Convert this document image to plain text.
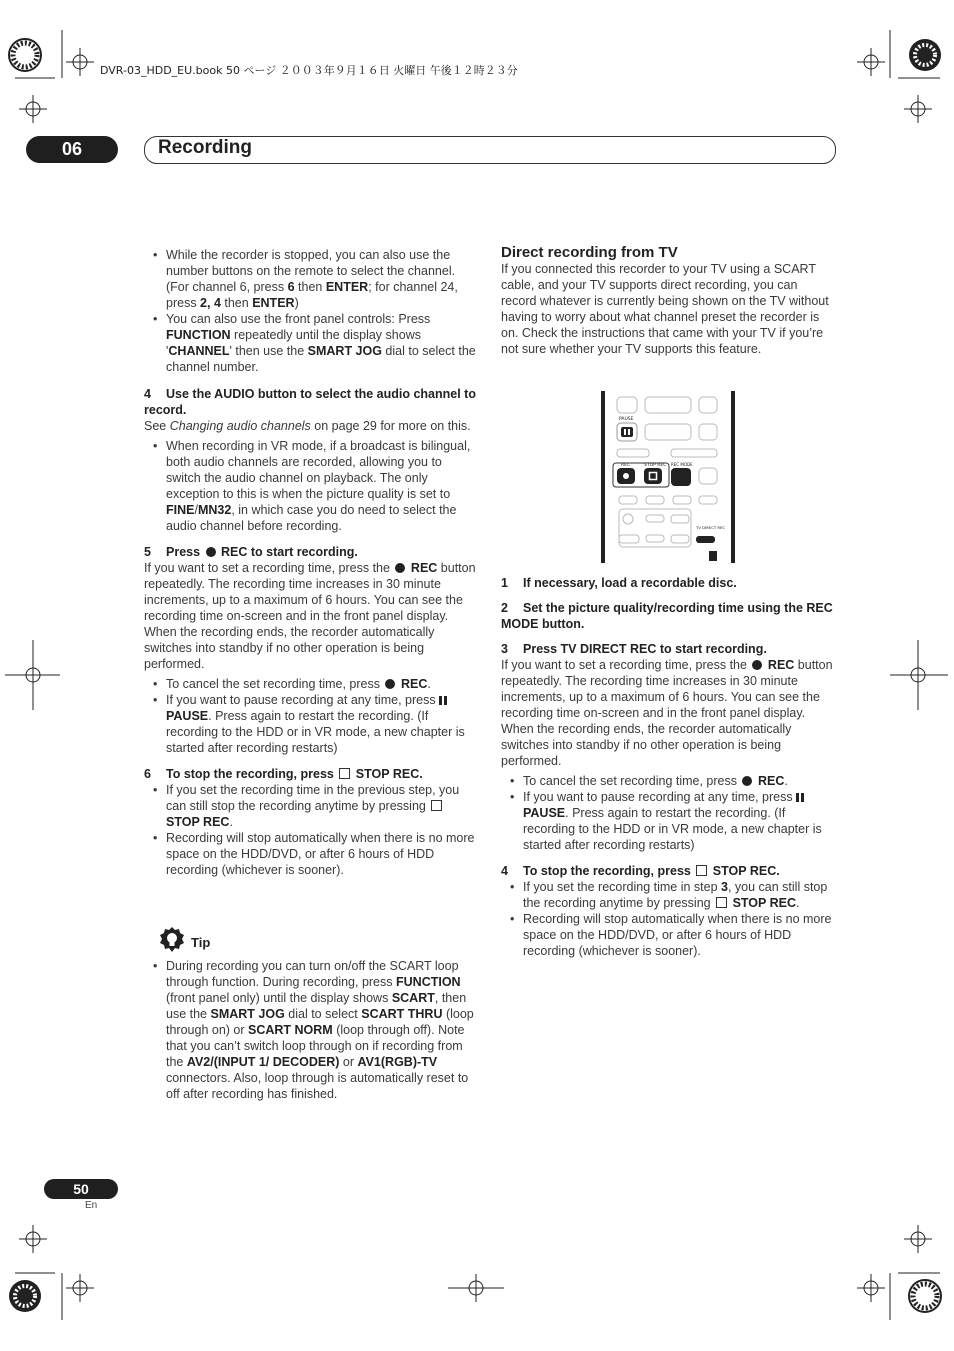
DVR-03_HDD_EU.book 50 ページ ２００３年９月１６日 火曜日 午後１２時２３分
06	Recording

• While the recorder is stopped, you can also use the number buttons on the remote to select the channel. (For channel 6, press 6 then ENTER; for channel 24, press 2, 4 then ENTER)

• You can also use the front panel controls: Press FUNCTION repeatedly until the display shows 'CHANNEL' then use the SMART JOG dial to select the channel number.

4 Use the AUDIO button to select the audio channel to record.

See Changing audio channels on page 29 for more on this.

• When recording in VR mode, if a broadcast is bilingual, both audio channels are recorded, allowing you to switch the audio channel on playback. The only exception to this is when the picture quality is set to FINE/MN32, in which case you do need to select the audio channel before recording.

5 Press  REC to start recording.

If you want to set a recording time, press the  REC button repeatedly. The recording time increases in 30 minute increments, up to a maximum of 6 hours. You can see the recording time on-screen and in the front panel display. When the recording ends, the recorder automatically switches into standby if no other operation is being performed.

• To cancel the set recording time, press  REC.

• If you want to pause recording at any time, press PAUSE. Press again to restart the recording. (If recording to the HDD or in VR mode, a new chapter is started after recording restarts)

6 To stop the recording, press  STOP REC.

• If you set the recording time in the previous step, you can still stop the recording anytime by pressing  STOP REC.

• Recording will stop automatically when there is no more space on the HDD/DVD, or after 6 hours of HDD recording (whichever is sooner).

Tip

• During recording you can turn on/off the SCART loop through function. During recording, press FUNCTION (front panel only) until the display shows SCART, then use the SMART JOG dial to select SCART THRU (loop through on) or SCART NORM (loop through off). Note that you can’t switch loop through on if recording from the AV2/(INPUT 1/ DECODER) or AV1(RGB)-TV connectors. Also, loop through is automatically reset to off after recording has finished.

Direct recording from TV

If you connected this recorder to your TV using a SCART cable, and your TV supports direct recording, you can record whatever is currently being shown on the TV without having to worry about what channel preset the recorder is on. Check the instructions that came with your TV if you’re not sure whether your TV supports this feature.

PAUSE
REC	STOP REC REC MODE
TV DIRECT REC

1 If necessary, load a recordable disc.

2 Set the picture quality/recording time using the REC MODE button.

3 Press TV DIRECT REC to start recording.

If you want to set a recording time, press the  REC button repeatedly. The recording time increases in 30 minute increments, up to a maximum of 6 hours. You can see the recording time on-screen and in the front panel display. When the recording ends, the recorder automatically switches into standby if no other operation is being performed.

• To cancel the set recording time, press  REC.

• If you want to pause recording at any time, press PAUSE. Press again to restart the recording. (If recording to the HDD or in VR mode, a new chapter is started after recording restarts)

4 To stop the recording, press  STOP REC.

• If you set the recording time in step 3, you can still stop the recording anytime by pressing  STOP REC.

• Recording will stop automatically when there is no more space on the HDD/DVD, or after 6 hours of HDD recording (whichever is sooner).

50
En
